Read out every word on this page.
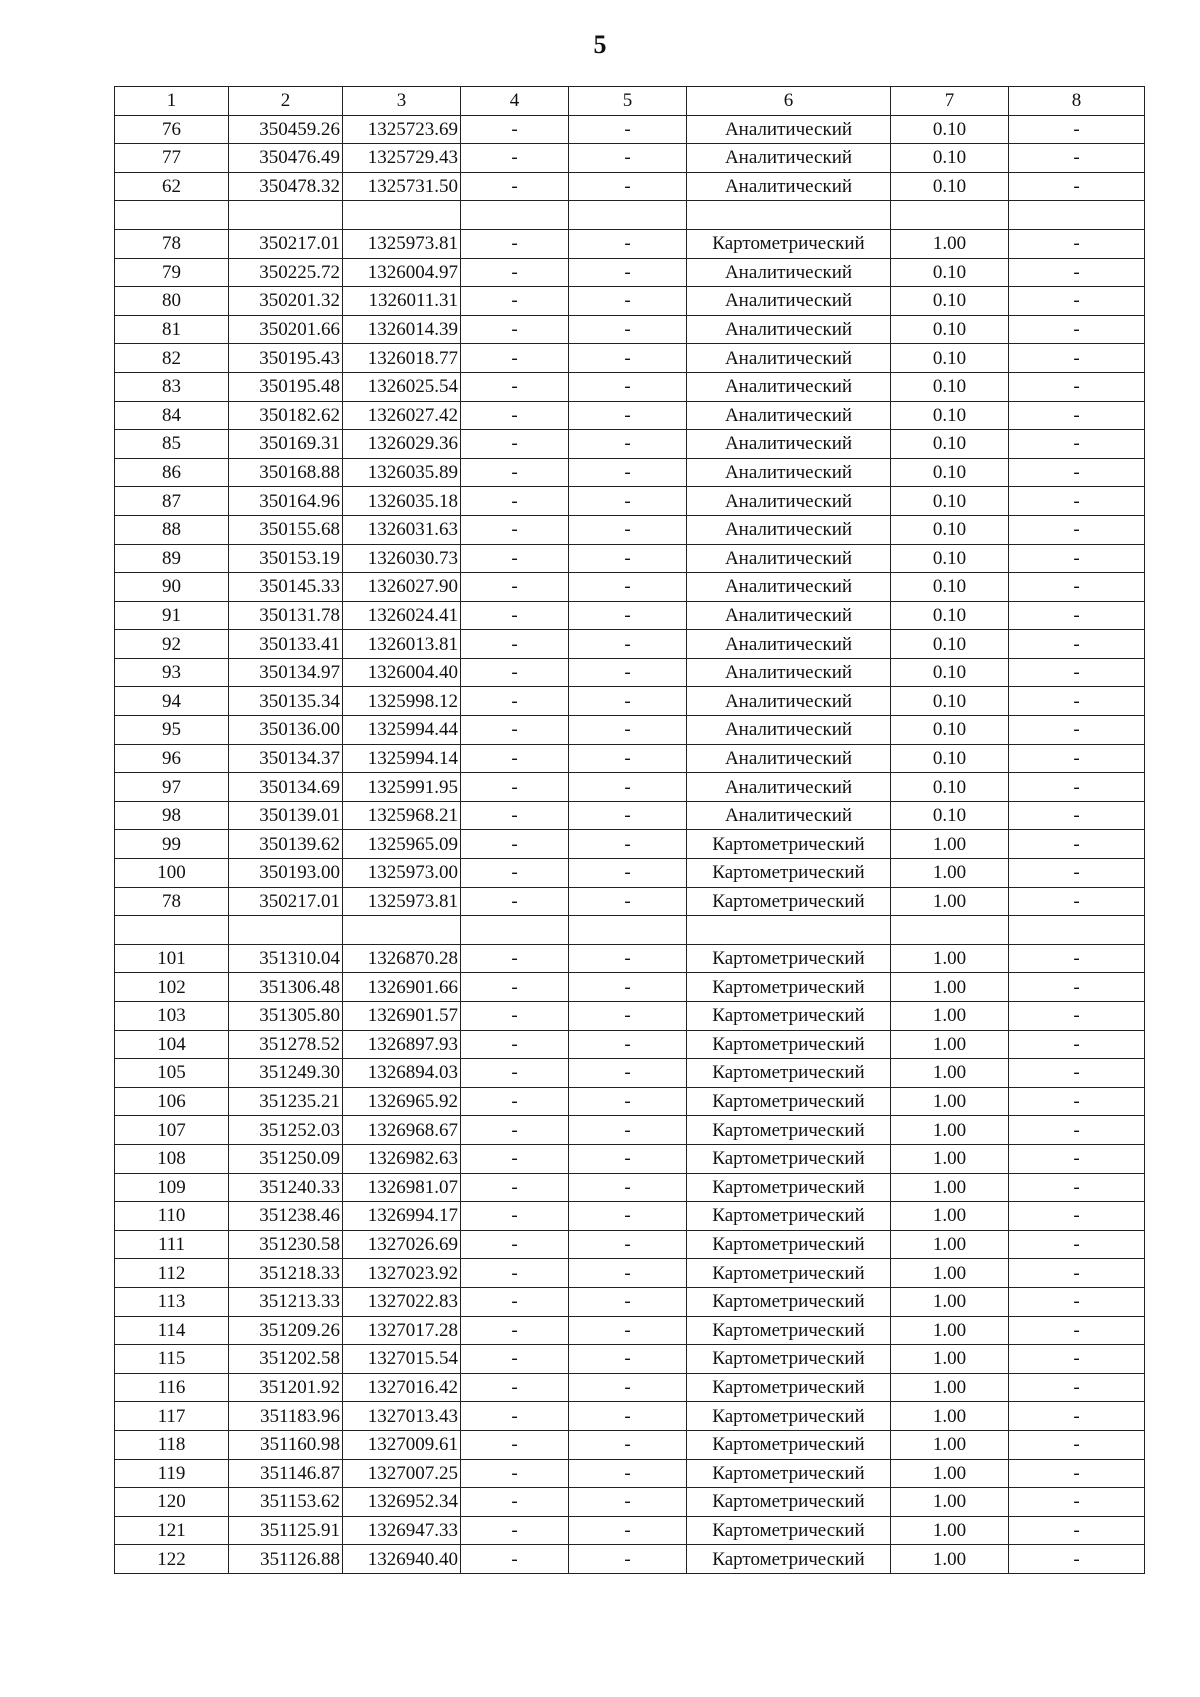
5
1	2	3	4	5	6	7	8
76	350459.26	1325723.69	-	-	Аналитический	0.10	-
77	350476.49	1325729.43	-	-	Аналитический	0.10	-
62	350478.32	1325731.50	-	-	Аналитический	0.10	-

78	350217.01	1325973.81	-	-	Картометрический	1.00	-
79	350225.72	1326004.97	-	-	Аналитический	0.10	-
80	350201.32	1326011.31	-	-	Аналитический	0.10	-
81	350201.66	1326014.39	-	-	Аналитический	0.10	-
82	350195.43	1326018.77	-	-	Аналитический	0.10	-
83	350195.48	1326025.54	-	-	Аналитический	0.10	-
84	350182.62	1326027.42	-	-	Аналитический	0.10	-
85	350169.31	1326029.36	-	-	Аналитический	0.10	-
86	350168.88	1326035.89	-	-	Аналитический	0.10	-
87	350164.96	1326035.18	-	-	Аналитический	0.10	-
88	350155.68	1326031.63	-	-	Аналитический	0.10	-
89	350153.19	1326030.73	-	-	Аналитический	0.10	-
90	350145.33	1326027.90	-	-	Аналитический	0.10	-
91	350131.78	1326024.41	-	-	Аналитический	0.10	-
92	350133.41	1326013.81	-	-	Аналитический	0.10	-
93	350134.97	1326004.40	-	-	Аналитический	0.10	-
94	350135.34	1325998.12	-	-	Аналитический	0.10	-
95	350136.00	1325994.44	-	-	Аналитический	0.10	-
96	350134.37	1325994.14	-	-	Аналитический	0.10	-
97	350134.69	1325991.95	-	-	Аналитический	0.10	-
98	350139.01	1325968.21	-	-	Аналитический	0.10	-
99	350139.62	1325965.09	-	-	Картометрический	1.00	-
100	350193.00	1325973.00	-	-	Картометрический	1.00	-
78	350217.01	1325973.81	-	-	Картометрический	1.00	-

101	351310.04	1326870.28	-	-	Картометрический	1.00	-
102	351306.48	1326901.66	-	-	Картометрический	1.00	-
103	351305.80	1326901.57	-	-	Картометрический	1.00	-
104	351278.52	1326897.93	-	-	Картометрический	1.00	-
105	351249.30	1326894.03	-	-	Картометрический	1.00	-
106	351235.21	1326965.92	-	-	Картометрический	1.00	-
107	351252.03	1326968.67	-	-	Картометрический	1.00	-
108	351250.09	1326982.63	-	-	Картометрический	1.00	-
109	351240.33	1326981.07	-	-	Картометрический	1.00	-
110	351238.46	1326994.17	-	-	Картометрический	1.00	-
111	351230.58	1327026.69	-	-	Картометрический	1.00	-
112	351218.33	1327023.92	-	-	Картометрический	1.00	-
113	351213.33	1327022.83	-	-	Картометрический	1.00	-
114	351209.26	1327017.28	-	-	Картометрический	1.00	-
115	351202.58	1327015.54	-	-	Картометрический	1.00	-
116	351201.92	1327016.42	-	-	Картометрический	1.00	-
117	351183.96	1327013.43	-	-	Картометрический	1.00	-
118	351160.98	1327009.61	-	-	Картометрический	1.00	-
119	351146.87	1327007.25	-	-	Картометрический	1.00	-
120	351153.62	1326952.34	-	-	Картометрический	1.00	-
121	351125.91	1326947.33	-	-	Картометрический	1.00	-
122	351126.88	1326940.40	-	-	Картометрический	1.00	-
